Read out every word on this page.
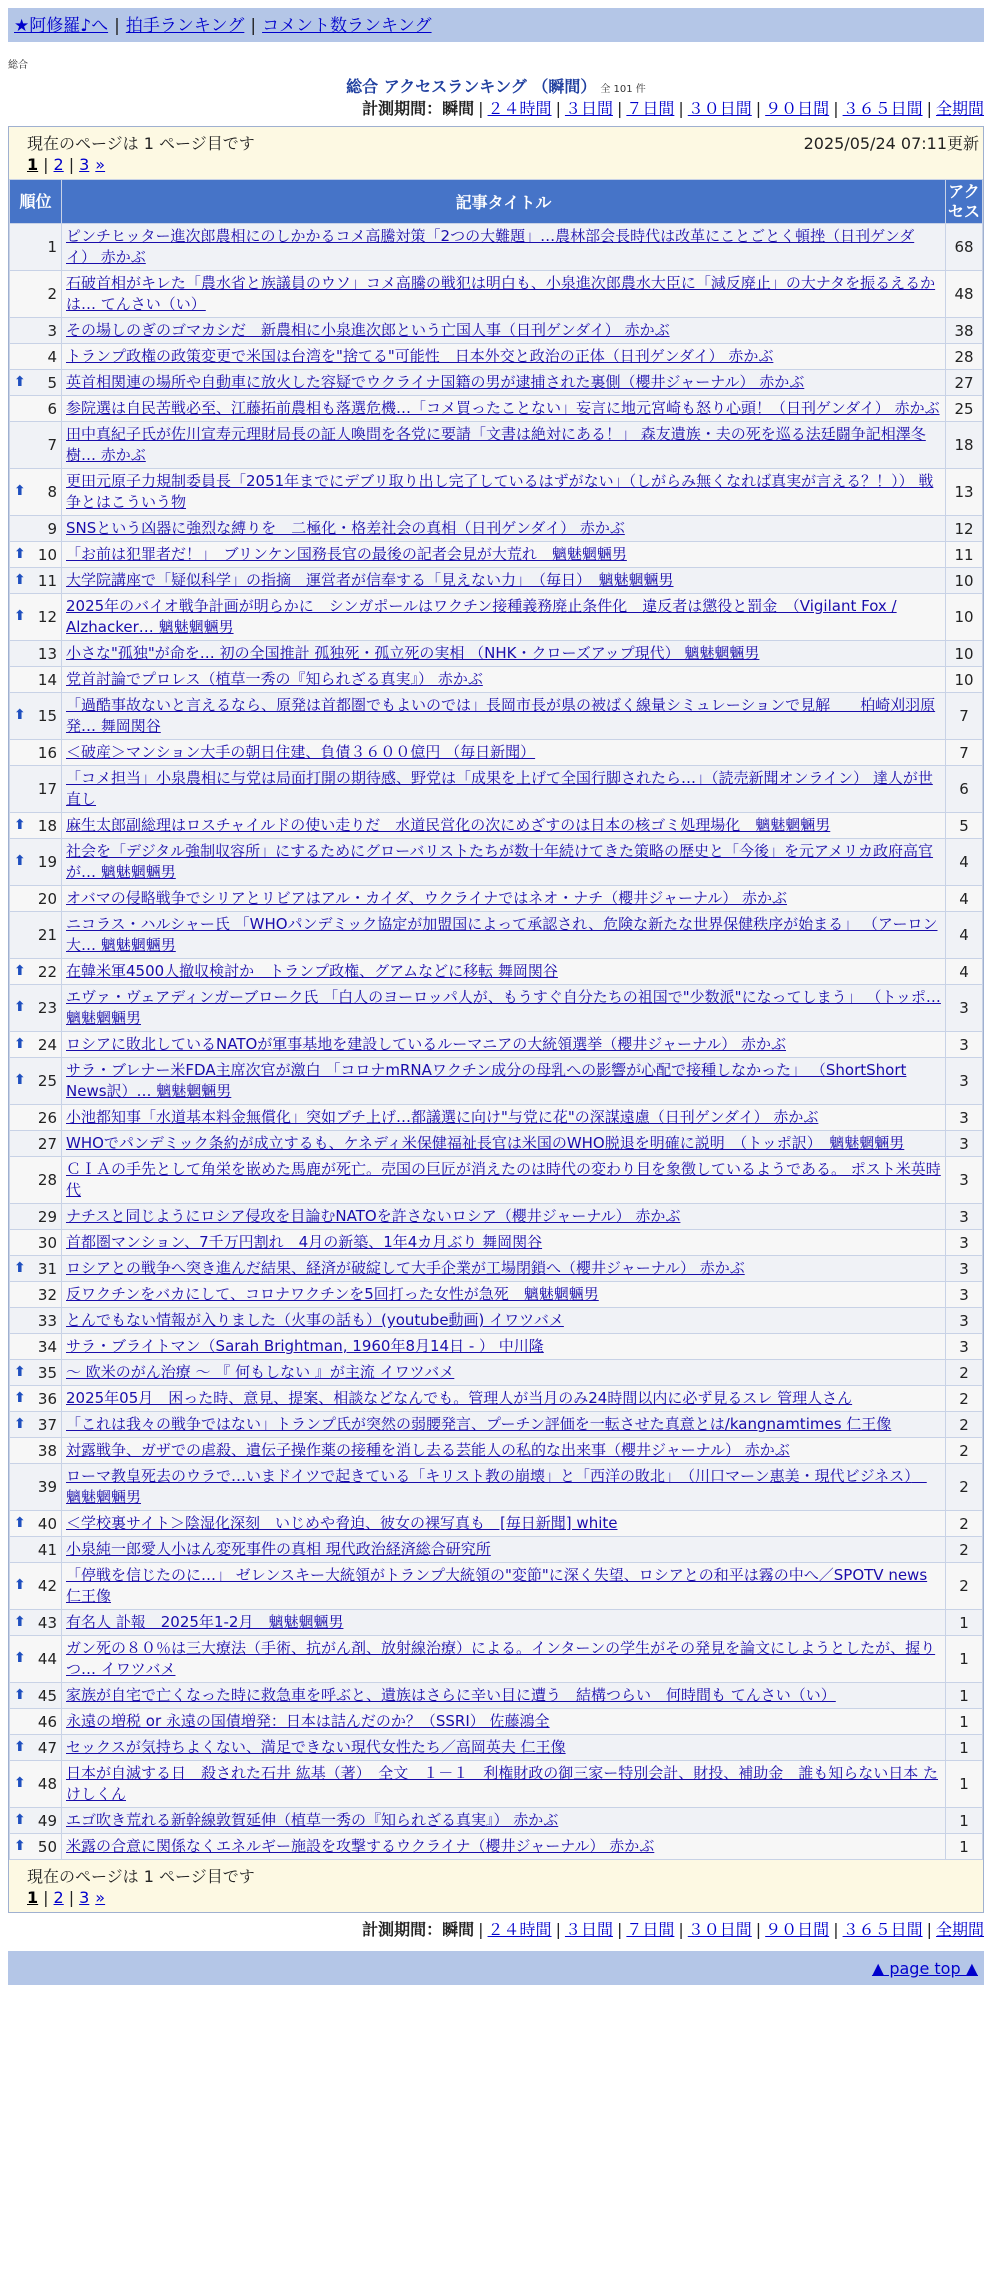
★阿修羅♪へ | 拍手ランキング | コメント数ランキング
総合
総合 アクセスランキング （瞬間） 全 101 件
計測期間：瞬間 | ２４時間 | ３日間 | ７日間 | ３０日間 | ９０日間 | ３６５日間 | 全期間
現在のページは 1 ページ目です	2025/05/24 07:11更新
1 | 2 | 3 »
順位	記事タイトル	アクセス
1	ピンチヒッター進次郎農相にのしかかるコメ高騰対策「2つの大難題」…農林部会長時代は改革にことごとく頓挫（日刊ゲンダイ） 赤かぶ	68
2	石破首相がキレた「農水省と族議員のウソ」コメ高騰の戦犯は明白も、小泉進次郎農水大臣に「減反廃止」の大ナタを振るえるかは… てんさい（い）	48
3	その場しのぎのゴマカシだ　新農相に小泉進次郎という亡国人事（日刊ゲンダイ） 赤かぶ	38
4	トランプ政権の政策変更で米国は台湾を"捨てる"可能性　日本外交と政治の正体（日刊ゲンダイ） 赤かぶ	28

⬆ 5	英首相関連の場所や自動車に放火した容疑でウクライナ国籍の男が逮捕された裏側（櫻井ジャーナル） 赤かぶ	27
6	参院選は自民苦戦必至、江藤拓前農相も落選危機…「コメ買ったことない」妄言に地元宮崎も怒り心頭！（日刊ゲンダイ） 赤かぶ	25
7	田中真紀子氏が佐川宣寿元理財局長の証人喚問を各党に要請「文書は絶対にある！」 森友遺族・夫の死を巡る法廷闘争記相澤冬樹… 赤かぶ	18

⬆ 8	更田元原子力規制委員長「2051年までにデブリ取り出し完了しているはずがない」（しがらみ無くなれば真実が言える？！）） 戦争とはこういう物	13
9	SNSという凶器に強烈な縛りを　二極化・格差社会の真相（日刊ゲンダイ） 赤かぶ	12

⬆ 10	「お前は犯罪者だ！」　ブリンケン国務長官の最後の記者会見が大荒れ　魑魅魍魎男	11

⬆ 11	大学院講座で「疑似科学」の指摘　運営者が信奉する「見えない力」　（毎日）　魑魅魍魎男	10

⬆ 12	2025年のバイオ戦争計画が明らかに　シンガポールはワクチン接種義務廃止条件化　違反者は懲役と罰金　（Vigilant Fox / Alzhacker… 魑魅魍魎男	10
13	小さな"孤独"が命を… 初の全国推計 孤独死・孤立死の実相 （NHK・クローズアップ現代） 魑魅魍魎男	10
14	党首討論でプロレス（植草一秀の『知られざる真実』） 赤かぶ	10

⬆ 15	「過酷事故ないと言えるなら、原発は首都圏でもよいのでは」長岡市長が県の被ばく線量シミュレーションで見解　　柏崎刈羽原発… 舞岡関谷	7
16	＜破産＞マンション大手の朝日住建、負債３６００億円 （毎日新聞）	7
17	「コメ担当」小泉農相に与党は局面打開の期待感、野党は「成果を上げて全国行脚されたら…」（読売新聞オンライン） 達人が世直し	6

⬆ 18	麻生太郎副総理はロスチャイルドの使い走りだ　水道民営化の次にめざすのは日本の核ゴミ処理場化　魑魅魍魎男	5

⬆ 19	社会を「デジタル強制収容所」にするためにグローバリストたちが数十年続けてきた策略の歴史と「今後」を元アメリカ政府高官が… 魑魅魍魎男	4
20	オバマの侵略戦争でシリアとリビアはアル・カイダ、ウクライナではネオ・ナチ（櫻井ジャーナル） 赤かぶ	4
21	ニコラス・ハルシャー氏 「WHOパンデミック協定が加盟国によって承認され、危険な新たな世界保健秩序が始まる」 （アーロン大… 魑魅魍魎男	4

⬆ 22	在韓米軍4500人撤収検討か　トランプ政権、グアムなどに移転 舞岡関谷	4

⬆ 23	エヴァ・ヴェアディンガーブローク氏 「白人のヨーロッパ人が、もうすぐ自分たちの祖国で"少数派"になってしまう」 （トッポ… 魑魅魍魎男	3

⬆ 24	ロシアに敗北しているNATOが軍事基地を建設しているルーマニアの大統領選挙（櫻井ジャーナル） 赤かぶ	3

⬆ 25	サラ・ブレナー米FDA主席次官が激白 「コロナmRNAワクチン成分の母乳への影響が心配で接種しなかった」 （ShortShort News訳）… 魑魅魍魎男	3
26	小池都知事「水道基本料金無償化」突如ブチ上げ…都議選に向け"与党に花"の深謀遠慮（日刊ゲンダイ） 赤かぶ	3
27	WHOでパンデミック条約が成立するも、ケネディ米保健福祉長官は米国のWHO脱退を明確に説明　（トッポ訳）　魑魅魍魎男	3
28	ＣＩＡの手先として角栄を嵌めた馬鹿が死亡。売国の巨匠が消えたのは時代の変わり目を象徴しているようである。 ポスト米英時代	3
29	ナチスと同じようにロシア侵攻を目論むNATOを許さないロシア（櫻井ジャーナル） 赤かぶ	3
30	首都圏マンション、7千万円割れ　4月の新築、1年4カ月ぶり 舞岡関谷	3

⬆ 31	ロシアとの戦争へ突き進んだ結果、経済が破綻して大手企業が工場閉鎖へ（櫻井ジャーナル） 赤かぶ	3
32	反ワクチンをバカにして、コロナワクチンを5回打った女性が急死　魑魅魍魎男	3
33	とんでもない情報が入りました（火事の話も）(youtube動画) イワツバメ	3
34	サラ・ブライトマン（Sarah Brightman, 1960年8月14日 - ） 中川隆	3

⬆ 35	～ 欧米のがん治療 ～ 『 何もしない 』が主流 イワツバメ	2

⬆ 36	2025年05月　困った時、意見、提案、相談などなんでも。管理人が当月のみ24時間以内に必ず見るスレ 管理人さん	2

⬆ 37	「これは我々の戦争ではない」トランプ氏が突然の弱腰発言、プーチン評価を一転させた真意とは/kangnamtimes 仁王像	2
38	対露戦争、ガザでの虐殺、遺伝子操作薬の接種を消し去る芸能人の私的な出来事（櫻井ジャーナル） 赤かぶ	2
39	ローマ教皇死去のウラで…いまドイツで起きている「キリスト教の崩壊」と「西洋の敗北」　（川口マーン惠美・現代ビジネス）　魑魅魍魎男	2

⬆ 40	＜学校裏サイト＞陰湿化深刻　いじめや脅迫、彼女の裸写真も　[毎日新聞] white	2
41	小泉純一郎愛人小はん変死事件の真相 現代政治経済総合研究所	2

⬆ 42	「停戦を信じたのに…」 ゼレンスキー大統領がトランプ大統領の"変節"に深く失望、ロシアとの和平は霧の中へ／SPOTV news 仁王像	2

⬆ 43	有名人 訃報　2025年1-2月　魑魅魍魎男	1

⬆ 44	ガン死の８０％は三大療法（手術、抗がん剤、放射線治療）による。インターンの学生がその発見を論文にしようとしたが、握りつ… イワツバメ	1

⬆ 45	家族が自宅で亡くなった時に救急車を呼ぶと、遺族はさらに辛い目に遭う　結構つらい　何時間も てんさい（い）	1
46	永遠の増税 or 永遠の国債増発：日本は詰んだのか？（SSRI） 佐藤鴻全	1

⬆ 47	セックスが気持ちよくない、満足できない現代女性たち／高岡英夫 仁王像	1

⬆ 48	日本が自滅する日　殺された石井 紘基（著）　全文　１－１　利権財政の御三家ー特別会計、財投、補助金　誰も知らない日本 たけしくん	1

⬆ 49	エゴ吹き荒れる新幹線敦賀延伸（植草一秀の『知られざる真実』） 赤かぶ	1

⬆ 50	米露の合意に関係なくエネルギー施設を攻撃するウクライナ（櫻井ジャーナル） 赤かぶ	1
現在のページは 1 ページ目です
1 | 2 | 3 »
計測期間：瞬間 | ２４時間 | ３日間 | ７日間 | ３０日間 | ９０日間 | ３６５日間 | 全期間
▲ page top ▲
